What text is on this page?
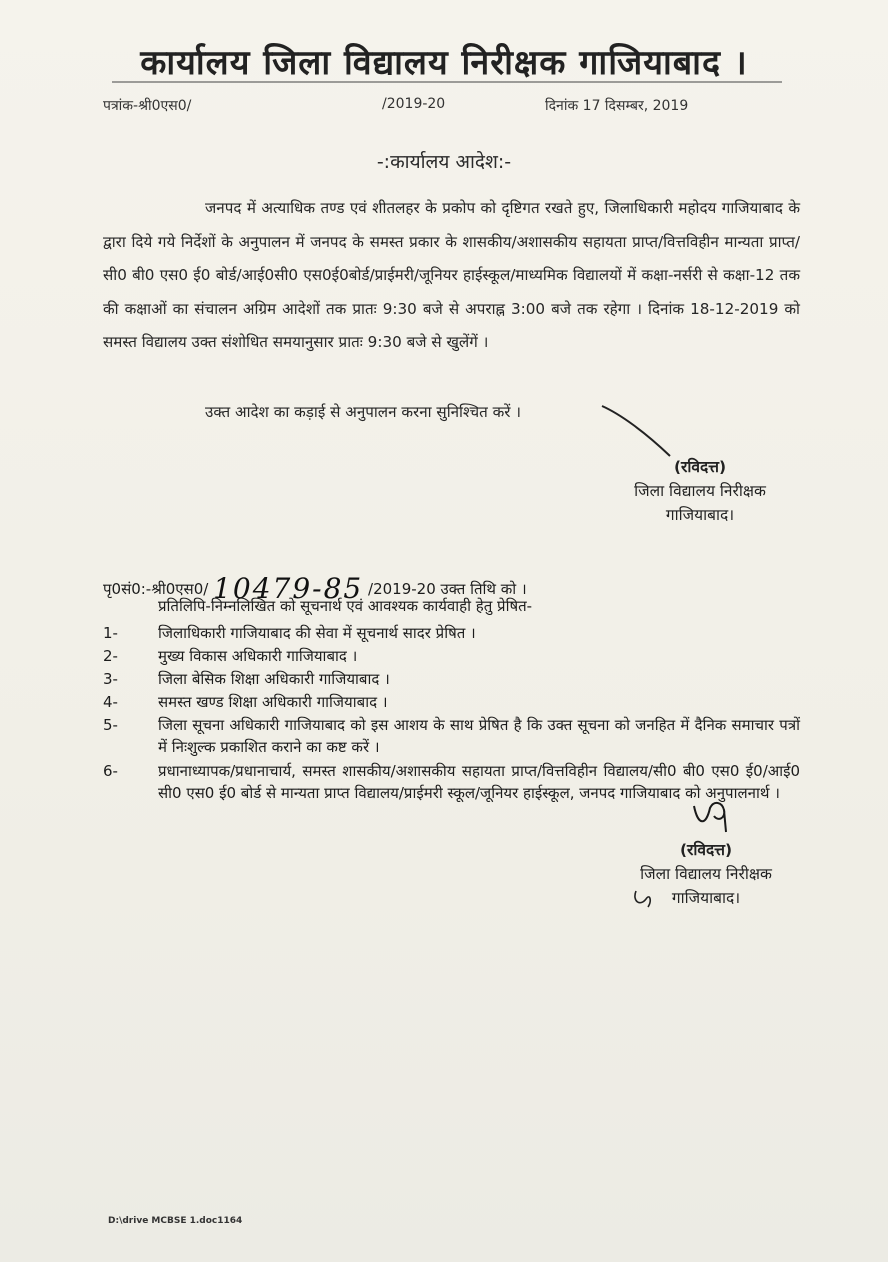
कार्यालय जिला विद्यालय निरीक्षक गाजियाबाद ।
पत्रांक-श्री0एस0/	/2019-20	दिनांक 17 दिसम्बर, 2019
-:कार्यालय आदेश:-
जनपद में अत्याधिक तण्ड एवं शीतलहर के प्रकोप को दृष्टिगत रखते हुए, जिलाधिकारी महोदय गाजियाबाद के द्वारा दिये गये निर्देशों के अनुपालन में जनपद के समस्त प्रकार के शासकीय/अशासकीय सहायता प्राप्त/वित्तविहीन मान्यता प्राप्त/सी0 बी0 एस0 ई0 बोर्ड/आई0सी0 एस0ई0बोर्ड/प्राईमरी/जूनियर हाईस्कूल/माध्यमिक विद्यालयों में कक्षा-नर्सरी से कक्षा-12 तक की कक्षाओं का संचालन अग्रिम आदेशों तक प्रातः 9:30 बजे से अपराह्न 3:00 बजे तक रहेगा । दिनांक 18-12-2019 को समस्त विद्यालय उक्त संशोधित समयानुसार प्रातः 9:30 बजे से खुलेंगें ।
उक्त आदेश का कड़ाई से अनुपालन करना सुनिश्चित करें ।
(रविदत्त)
जिला विद्यालय निरीक्षक
गाजियाबाद।
पृ0सं0:-श्री0एस0/ 10479-85 /2019-20 उक्त तिथि को ।
प्रतिलिपि-निम्नलिखित को सूचनार्थ एवं आवश्यक कार्यवाही हेतु प्रेषित-
1-	जिलाधिकारी गाजियाबाद की सेवा में सूचनार्थ सादर प्रेषित ।
2-	मुख्य विकास अधिकारी गाजियाबाद ।
3-	जिला बेसिक शिक्षा अधिकारी गाजियाबाद ।
4-	समस्त खण्ड शिक्षा अधिकारी गाजियाबाद ।
5-	जिला सूचना अधिकारी गाजियाबाद को इस आशय के साथ प्रेषित है कि उक्त सूचना को जनहित में दैनिक समाचार पत्रों में निःशुल्क प्रकाशित कराने का कष्ट करें ।
6-	प्रधानाध्यापक/प्रधानाचार्य, समस्त शासकीय/अशासकीय सहायता प्राप्त/वित्तविहीन विद्यालय/सी0 बी0 एस0 ई0/आई0 सी0 एस0 ई0 बोर्ड से मान्यता प्राप्त विद्यालय/प्राईमरी स्कूल/जूनियर हाईस्कूल, जनपद गाजियाबाद को अनुपालनार्थ ।
(रविदत्त)
जिला विद्यालय निरीक्षक
गाजियाबाद।
D:\drive MCBSE 1.doc1164
